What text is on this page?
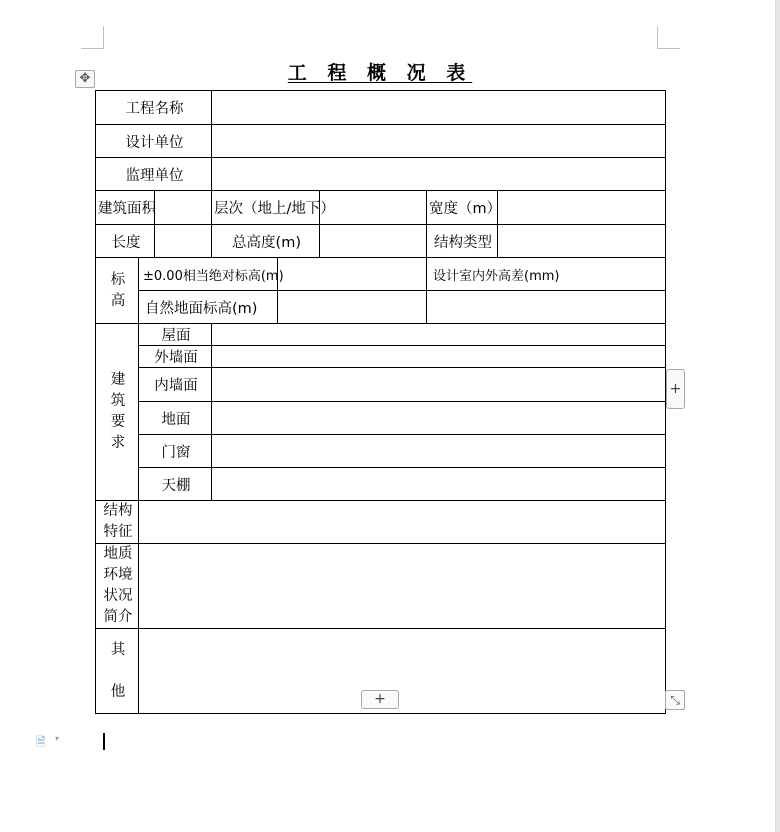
工 程 概 况 表
✥
工程名称							
设计单位							
监理单位							
建筑面积			层次（地上/地下）			宽度（m）	
长度			总高度(m)			结构类型	
标高	±0.00相当绝对标高(m)					设计室内外高差(mm)	
	自然地面标高(m)						
建筑要求	屋面						
	外墙面						
	内墙面						
	地面						
	门窗						
	天棚						
结构特征							
地质环境状况简介							
其他							
+
+	⤡
🗎 ▾
